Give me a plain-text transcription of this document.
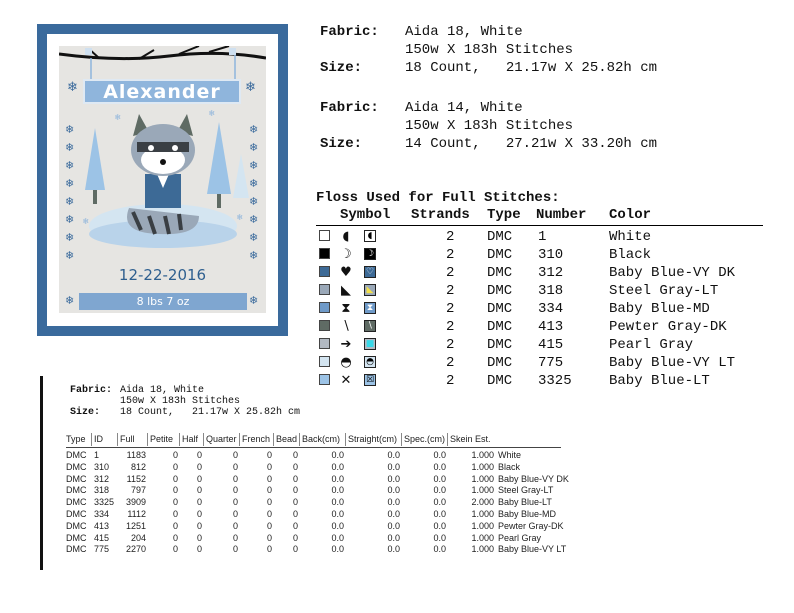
Alexander
❄	❄
❄
❄
❄
❄
❄
❄
❄
❄
❄
❄
❄
❄
❄
❄
❄
❄
❄
❄
❄	❄
12-22-2016
❄	❄
8 lbs 7 oz

Fabric:

Aida 18, White

150w X 183h Stitches

Size:

	18 Count,   21.17w X 25.82h cm

Fabric:

Aida 14, White

150w X 183h Stitches

Size:

	14 Count,   27.21w X 33.20h cm

Floss Used for Full Stitches:
Symbol Strands Type Number Color
◖	◖	2 DMC 1	White
☽ ☽	2 DMC 310	Black
♥ ♡	2 DMC 312	Baby Blue-VY DK
◣ ◣	2 DMC 318	Steel Gray-LT
⧗	⧗	2 DMC 334	Baby Blue-MD
∖	∖	2 DMC 413	Pewter Gray-DK
➔ ■	2 DMC 415	Pearl Gray
◓ ◓	2 DMC 775	Baby Blue-VY LT
✕ ☒	2 DMC 3325	Baby Blue-LT

Fabric:

Aida 18, White

150w X 183h Stitches

Size:

18 Count,   21.17w X 25.82h cm

Type ID Full Petite Half Quarter French Bead Back(cm) Straight(cm) Spec.(cm) Skein Est.
DMC 1	1183	0	0	0	0	0	0.0	0.0	0.0	1.000 White
DMC 310	812	0	0	0	0	0	0.0	0.0	0.0	1.000 Black
DMC 312	1152	0	0	0	0	0	0.0	0.0	0.0	1.000 Baby Blue-VY DK
DMC 318	797	0	0	0	0	0	0.0	0.0	0.0	1.000 Steel Gray-LT
DMC 3325	3909	0	0	0	0	0	0.0	0.0	0.0	2.000 Baby Blue-LT
DMC 334	1112	0	0	0	0	0	0.0	0.0	0.0	1.000 Baby Blue-MD
DMC 413	1251	0	0	0	0	0	0.0	0.0	0.0	1.000 Pewter Gray-DK
DMC 415	204	0	0	0	0	0	0.0	0.0	0.0	1.000 Pearl Gray
DMC 775	2270	0	0	0	0	0	0.0	0.0	0.0	1.000 Baby Blue-VY LT
